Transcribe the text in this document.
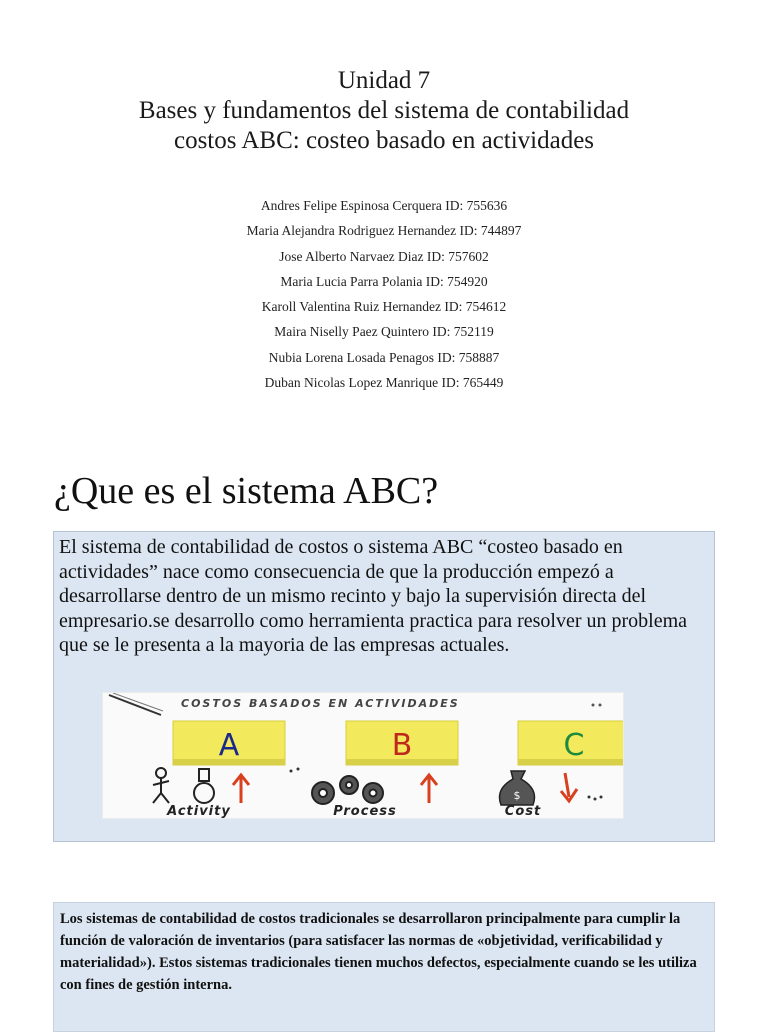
Unidad 7
Bases y fundamentos del sistema de contabilidad
costos ABC: costeo basado en actividades
Andres Felipe Espinosa Cerquera ID: 755636
Maria Alejandra Rodriguez Hernandez ID: 744897
Jose Alberto Narvaez Diaz ID: 757602
Maria Lucia Parra Polania ID: 754920
Karoll Valentina Ruiz Hernandez ID: 754612
Maira Niselly Paez Quintero ID: 752119
Nubia Lorena Losada Penagos ID: 758887
Duban Nicolas Lopez Manrique ID: 765449
¿Que es el sistema ABC?
El sistema de contabilidad de costos o sistema ABC “costeo basado en actividades” nace como consecuencia de que la producción empezó a desarrollarse dentro de un mismo recinto y bajo la supervisión directa del empresario.se desarrollo como herramienta practica para resolver un problema que se le presenta a la mayoria de las empresas actuales.
COSTOS BASADOS EN ACTIVIDADES
A	B	C
$
Activity	Process	Cost
Los sistemas de contabilidad de costos tradicionales se desarrollaron principalmente para cumplir la función de valoración de inventarios (para satisfacer las normas de «objetividad, verificabilidad y materialidad»). Estos sistemas tradicionales tienen muchos defectos, especialmente cuando se les utiliza con fines de gestión interna.
